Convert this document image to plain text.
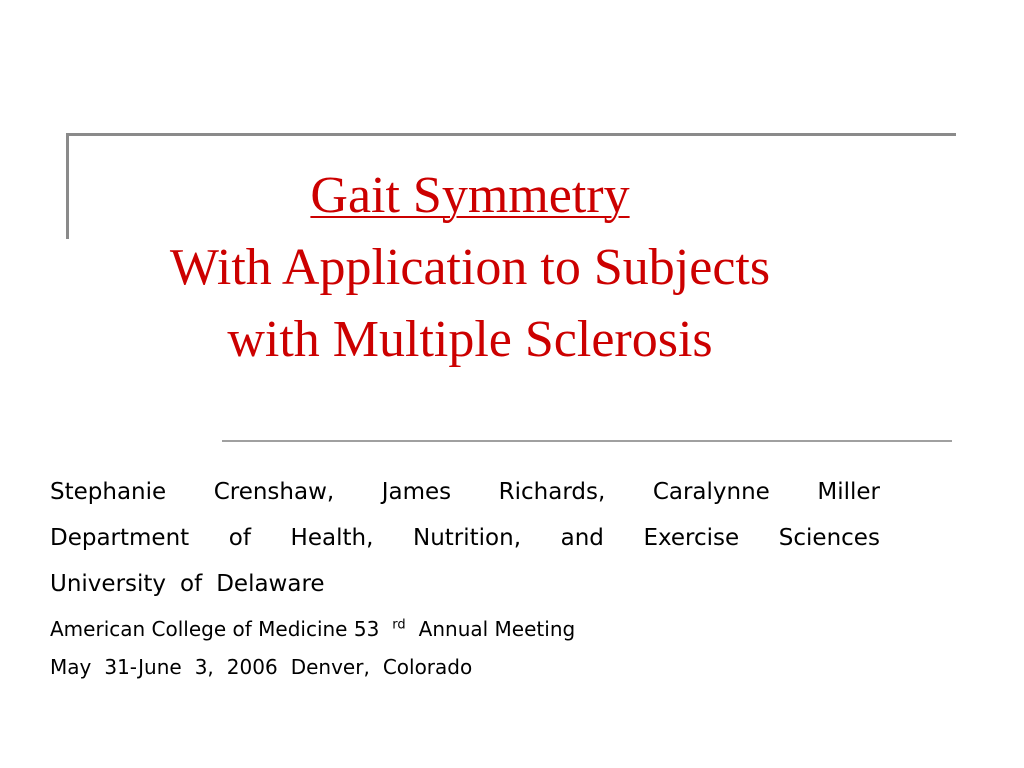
Gait Symmetry
With Application to Subjects
with Multiple Sclerosis
Stephanie Crenshaw, James Richards, Caralynne Miller
Department of Health, Nutrition, and Exercise Sciences
University of Delaware
American College of Medicine 53 $^{rd}$ Annual Meeting
May 31-June 3, 2006 Denver, Colorado
